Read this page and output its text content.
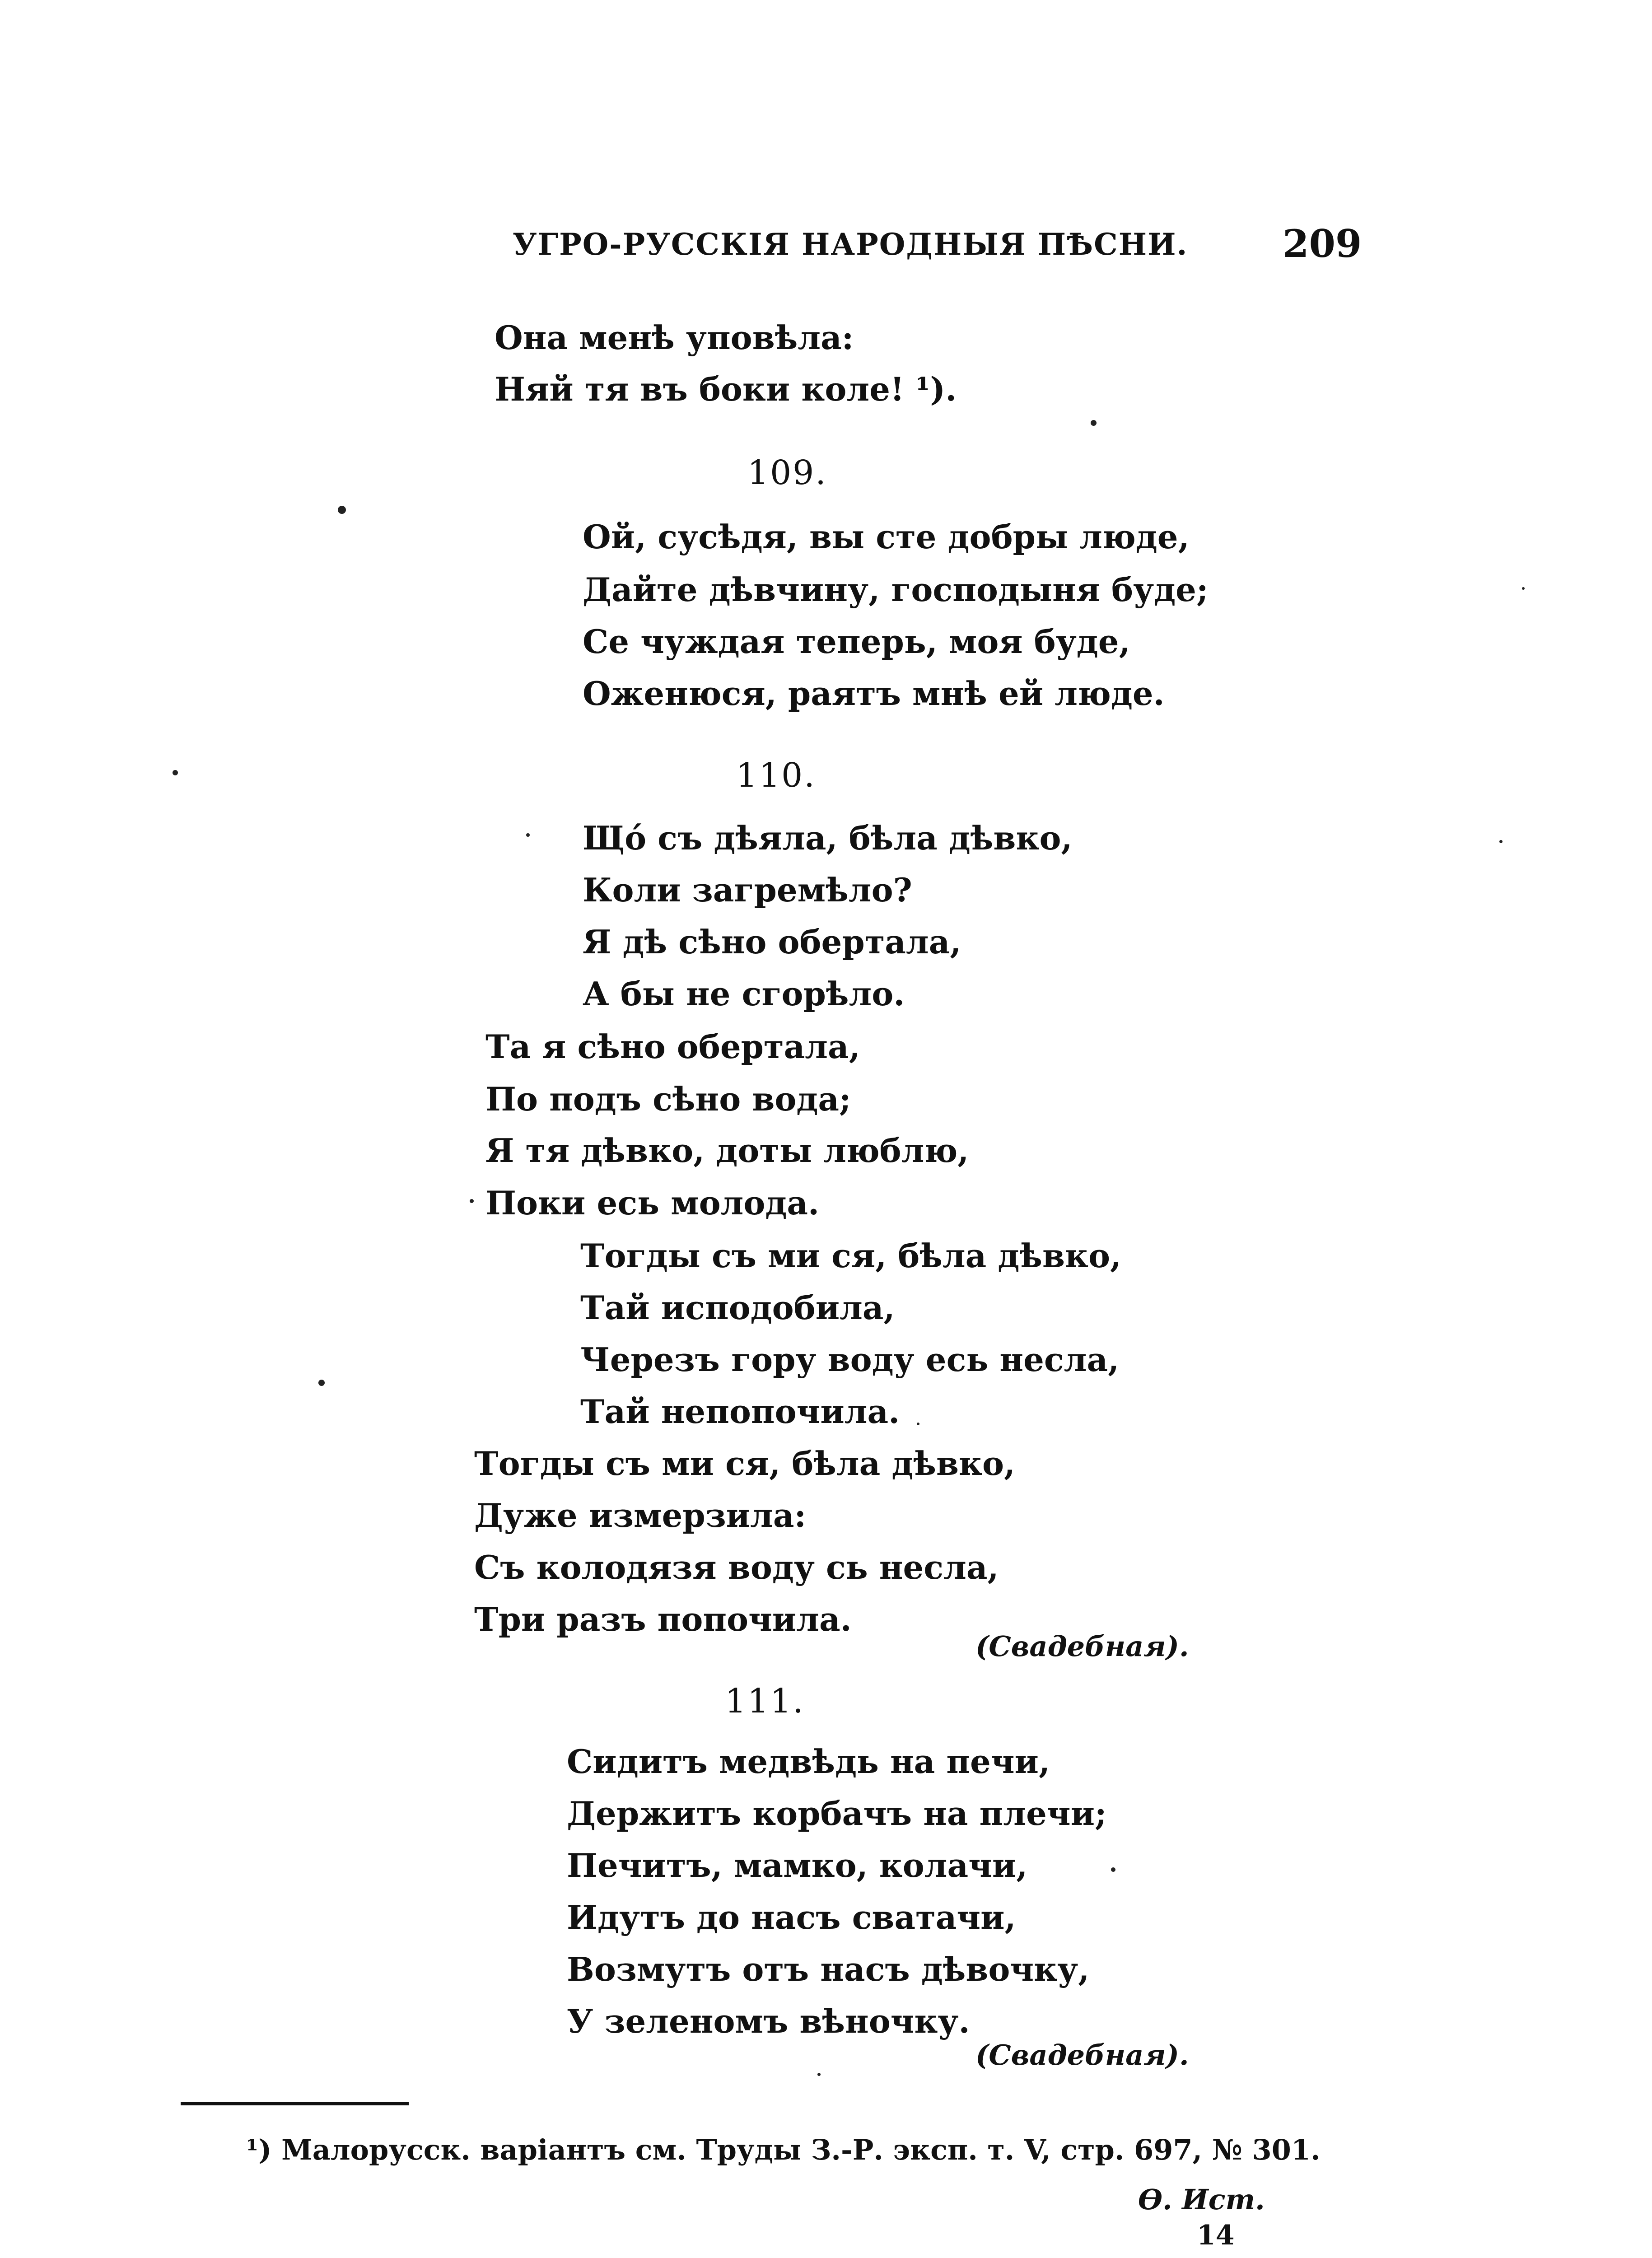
УГРО-РУССКІЯ НАРОДНЫЯ ПѢСНИ. 209
Она менѣ уповѣла:
Няй тя въ боки коле! ¹).
109.
Ой, сусѣдя, вы сте добры люде,
Дайте дѣвчину, господыня буде;
Се чуждая теперь, моя буде,
Оженюся, раятъ мнѣ ей люде.
110.
Щó съ дѣяла, бѣла дѣвко,
Коли загремѣло?
Я дѣ сѣно обертала,
А бы не сгорѣло.
Та я сѣно обертала,
По подъ сѣно вода;
Я тя дѣвко, доты люблю,
Поки есь молода.
Тогды съ ми ся, бѣла дѣвко,
Тай исподобила,
Черезъ гору воду есь несла,
Тай непопочила.
Тогды съ ми ся, бѣла дѣвко,
Дуже измерзила:
Съ колодязя воду сь несла,
Три разъ попочила.
(Свадебная).
111.
Сидитъ медвѣдь на печи,
Держитъ корбачъ на плечи;
Печитъ, мамко, колачи,
Идутъ до насъ сватачи,
Возмутъ отъ насъ дѣвочку,
У зеленомъ вѣночку.
(Свадебная).
¹) Малорусск. варіантъ см. Труды З.-Р. эксп. т. V, стр. 697, № 301.
Ѳ. Ист.
14
